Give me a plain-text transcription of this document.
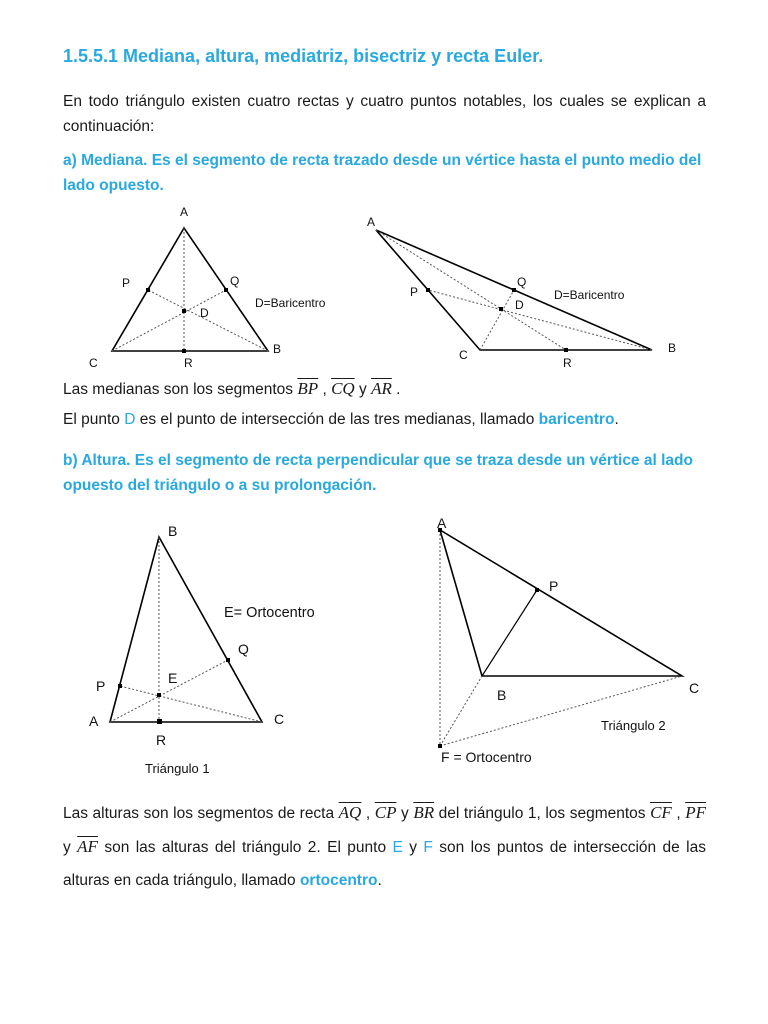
1.5.5.1 Mediana, altura, mediatriz, bisectriz y recta Euler.

En todo triángulo existen cuatro rectas y cuatro puntos notables, los cuales se explican a continuación:

a) Mediana. Es el segmento de recta trazado desde un vértice hasta el punto medio del lado opuesto.

A
P	Q
D
D=Baricentro
C	R
B
A
P
Q
D
D=Baricentro
C
R
B
B
E= Ortocentro
Q
P	E
A	C
R
Triángulo 1
A
P
B	C
Triángulo 2
F = Ortocentro

Las medianas son los segmentos $\overline{BP}$ , $\overline{CQ}$ y $\overline{AR}$ .

El punto D es el punto de intersección de las tres medianas, llamado baricentro.

b) Altura. Es el segmento de recta perpendicular que se traza desde un vértice al lado opuesto del triángulo o a su prolongación.

Las alturas son los segmentos de recta $\overline{AQ}$ , $\overline{CP}$ y $\overline{BR}$ del triángulo 1, los segmentos $\overline{CF}$ , $\overline{PF}$ y $\overline{AF}$ son las alturas del triángulo 2. El punto E y F son los puntos de intersección de las alturas en cada triángulo, llamado ortocentro.
